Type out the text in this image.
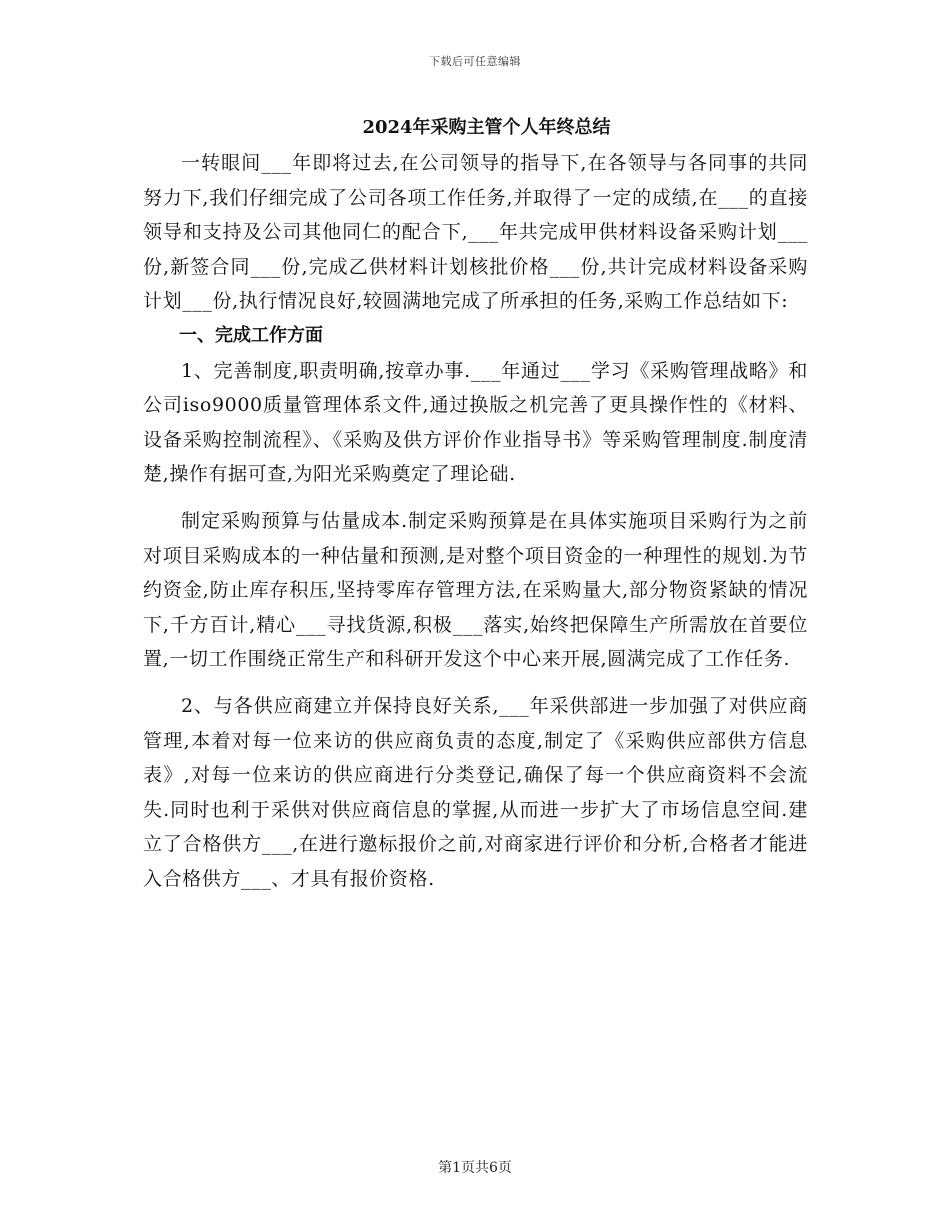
下载后可任意编辑
2024年采购主管个人年终总结

一转眼间___年即将过去,在公司领导的指导下,在各领导与各同事的共同努力下,我们仔细完成了公司各项工作任务,并取得了一定的成绩,在___的直接领导和支持及公司其他同仁的配合下,___年共完成甲供材料设备采购计划___份,新签合同___份,完成乙供材料计划核批价格___份,共计完成材料设备采购计划___份,执行情况良好,较圆满地完成了所承担的任务,采购工作总结如下:

一、完成工作方面

1、完善制度,职责明确,按章办事.___年通过___学习《采购管理战略》和公司iso9000质量管理体系文件,通过换版之机完善了更具操作性的《材料、设备采购控制流程》、《采购及供方评价作业指导书》等采购管理制度.制度清楚,操作有据可查,为阳光采购奠定了理论础.

制定采购预算与估量成本.制定采购预算是在具体实施项目采购行为之前对项目采购成本的一种估量和预测,是对整个项目资金的一种理性的规划.为节约资金,防止库存积压,坚持零库存管理方法,在采购量大,部分物资紧缺的情况下,千方百计,精心___寻找货源,积极___落实,始终把保障生产所需放在首要位置,一切工作围绕正常生产和科研开发这个中心来开展,圆满完成了工作任务.

2、与各供应商建立并保持良好关系,___年采供部进一步加强了对供应商管理,本着对每一位来访的供应商负责的态度,制定了《采购供应部供方信息表》,对每一位来访的供应商进行分类登记,确保了每一个供应商资料不会流失.同时也利于采供对供应商信息的掌握,从而进一步扩大了市场信息空间.建立了合格供方___,在进行邀标报价之前,对商家进行评价和分析,合格者才能进入合格供方___、才具有报价资格.

第1页共6页
